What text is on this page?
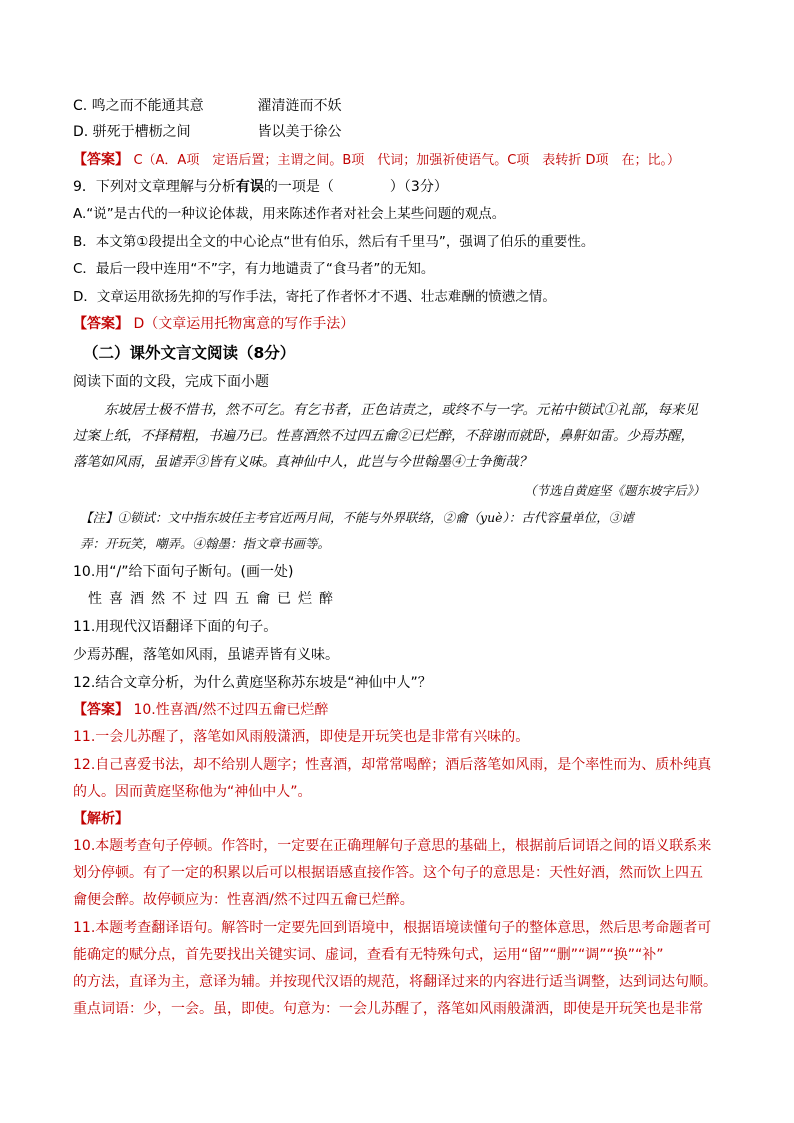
C. 鸣之而不能通其意	濯清涟而不妖
D. 骈死于槽枥之间	皆以美于徐公
【答案】 C（A．A项　定语后置；主谓之间。B项　代词；加强祈使语气。C项　表转折 D项　在；比。）
9．下列对文章理解与分析有误的一项是（　　　　）（3分）
A.“说”是古代的一种议论体裁，用来陈述作者对社会上某些问题的观点。
B．本文第①段提出全文的中心论点“世有伯乐，然后有千里马”，强调了伯乐的重要性。
C．最后一段中连用“不”字，有力地谴责了“食马者”的无知。
D．文章运用欲扬先抑的写作手法，寄托了作者怀才不遇、壮志难酬的愤懑之情。
【答案】 D（文章运用托物寓意的写作手法）
（二）课外文言文阅读（8分）
阅读下面的文段，完成下面小题
东坡居士极不惜书，然不可乞。有乞书者，正色诘责之，或终不与一字。元祐中锁试①礼部，每来见
过案上纸，不择精粗，书遍乃已。性喜酒然不过四五龠②已烂醉，不辞谢而就卧，鼻鼾如雷。少焉苏醒，
落笔如风雨，虽谑弄③皆有义味。真神仙中人，此岂与今世翰墨④士争衡哉？
（节选自黄庭坚《题东坡字后》）
【注】①锁试：文中指东坡任主考官近两月间，不能与外界联络，②龠（yuè）：古代容量单位，③谑
弄：开玩笑，嘲弄。④翰墨：指文章书画等。
10.用“/”给下面句子断句。(画一处)
性喜酒然不过四五龠已烂醉
11.用现代汉语翻译下面的句子。
少焉苏醒，落笔如风雨，虽谑弄皆有义味。
12.结合文章分析，为什么黄庭坚称苏东坡是“神仙中人”？
【答案】 10.性喜酒/然不过四五龠已烂醉
11.一会儿苏醒了，落笔如风雨般潇洒，即使是开玩笑也是非常有兴味的。
12.自己喜爱书法，却不给别人题字；性喜酒，却常常喝醉；酒后落笔如风雨，是个率性而为、质朴纯真
的人。因而黄庭坚称他为“神仙中人”。
【解析】
10.本题考查句子停顿。作答时，一定要在正确理解句子意思的基础上，根据前后词语之间的语义联系来
划分停顿。有了一定的积累以后可以根据语感直接作答。这个句子的意思是：天性好酒，然而饮上四五
龠便会醉。故停顿应为：性喜酒/然不过四五龠已烂醉。
11.本题考查翻译语句。解答时一定要先回到语境中，根据语境读懂句子的整体意思，然后思考命题者可
能确定的赋分点，首先要找出关键实词、虚词，查看有无特殊句式，运用“留”“删”“调”“换”“补”
的方法，直译为主，意译为辅。并按现代汉语的规范，将翻译过来的内容进行适当调整，达到词达句顺。
重点词语：少，一会。虽，即使。句意为：一会儿苏醒了，落笔如风雨般潇洒，即使是开玩笑也是非常
